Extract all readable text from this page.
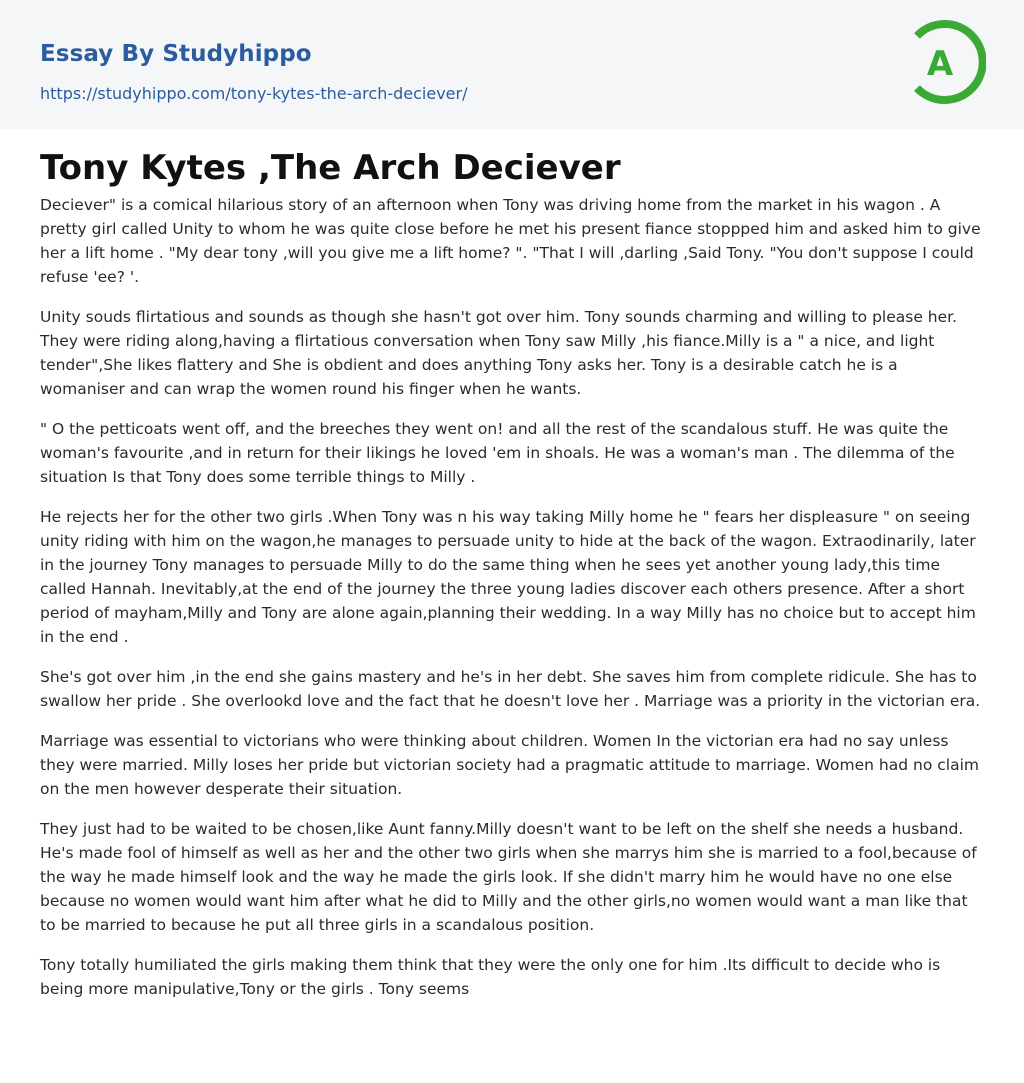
Essay By Studyhippo
https://studyhippo.com/tony-kytes-the-arch-deciever/
A
Tony Kytes ,The Arch Deciever

Deciever" is a comical hilarious story of an afternoon when Tony was driving home from the market in his wagon . A pretty girl called Unity to whom he was quite close before he met his present fiance stoppped him and asked him to give her a lift home . "My dear tony ,will you give me a lift home? ". "That I will ,darling ,Said Tony. "You don't suppose I could refuse 'ee? '.

Unity souds flirtatious and sounds as though she hasn't got over him. Tony sounds charming and willing to please her. They were riding along,having a flirtatious conversation when Tony saw Milly ,his fiance.Milly is a " a nice, and light tender",She likes flattery and She is obdient and does anything Tony asks her. Tony is a desirable catch he is a womaniser and can wrap the women round his finger when he wants.

" O the petticoats went off, and the breeches they went on! and all the rest of the scandalous stuff. He was quite the woman's favourite ,and in return for their likings he loved 'em in shoals. He was a woman's man . The dilemma of the situation Is that Tony does some terrible things to Milly .

He rejects her for the other two girls .When Tony was n his way taking Milly home he " fears her displeasure " on seeing unity riding with him on the wagon,he manages to persuade unity to hide at the back of the wagon. Extraodinarily, later in the journey Tony manages to persuade Milly to do the same thing when he sees yet another young lady,this time called Hannah. Inevitably,at the end of the journey the three young ladies discover each others presence. After a short period of mayham,Milly and Tony are alone again,planning their wedding. In a way Milly has no choice but to accept him in the end .

She's got over him ,in the end she gains mastery and he's in her debt. She saves him from complete ridicule. She has to swallow her pride . She overlookd love and the fact that he doesn't love her . Marriage was a priority in the victorian era.

Marriage was essential to victorians who were thinking about children. Women In the victorian era had no say unless they were married. Milly loses her pride but victorian society had a pragmatic attitude to marriage. Women had no claim on the men however desperate their situation.

They just had to be waited to be chosen,like Aunt fanny.Milly doesn't want to be left on the shelf she needs a husband. He's made fool of himself as well as her and the other two girls when she marrys him she is married to a fool,because of the way he made himself look and the way he made the girls look. If she didn't marry him he would have no one else because no women would want him after what he did to Milly and the other girls,no women would want a man like that to be married to because he put all three girls in a scandalous position.

Tony totally humiliated the girls making them think that they were the only one for him .Its difficult to decide who is being more manipulative,Tony or the girls . Tony seems
